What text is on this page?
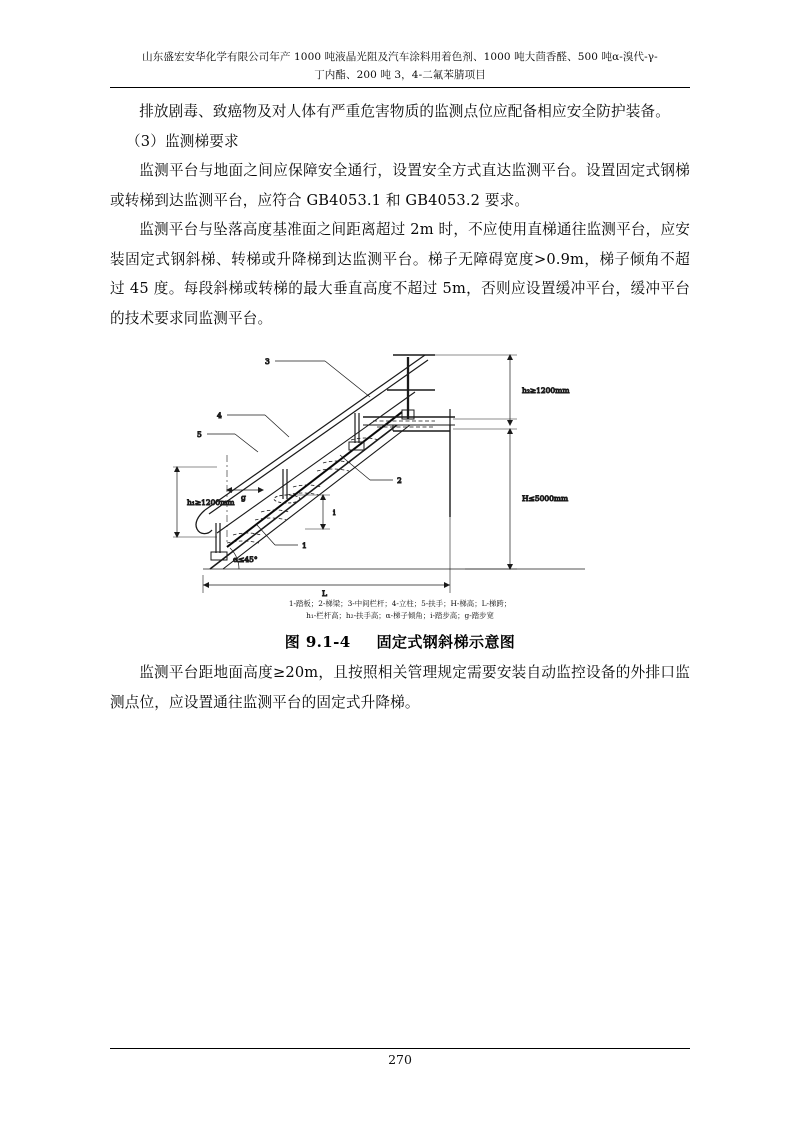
山东盛宏安华化学有限公司年产 1000 吨液晶光阻及汽车涂料用着色剂、1000 吨大茴香醛、500 吨α-溴代-γ-
丁内酯、200 吨 3，4-二氟苯腈项目

排放剧毒、致癌物及对人体有严重危害物质的监测点位应配备相应安全防护装备。

（3）监测梯要求

监测平台与地面之间应保障安全通行，设置安全方式直达监测平台。设置固定式钢梯或转梯到达监测平台，应符合 GB4053.1 和 GB4053.2 要求。

监测平台与坠落高度基准面之间距离超过 2m 时，不应使用直梯通往监测平台，应安装固定式钢斜梯、转梯或升降梯到达监测平台。梯子无障碍宽度>0.9m，梯子倾角不超过 45 度。每段斜梯或转梯的最大垂直高度不超过 5m，否则应设置缓冲平台，缓冲平台的技术要求同监测平台。

3
4
5
2
1
h₂≥1200mm
H≤5000mm
h₁≥1200mm
g
i
α≤45°
L
1-踏板；2-梯梁；3-中间栏杆；4-立柱；5-扶手；H-梯高；L-梯跨；
h₁-栏杆高；h₂-扶手高；α-梯子倾角；i-踏步高；g-踏步宽
图 9.1-4 固定式钢斜梯示意图

监测平台距地面高度≥20m，且按照相关管理规定需要安装自动监控设备的外排口监测点位，应设置通往监测平台的固定式升降梯。

270
